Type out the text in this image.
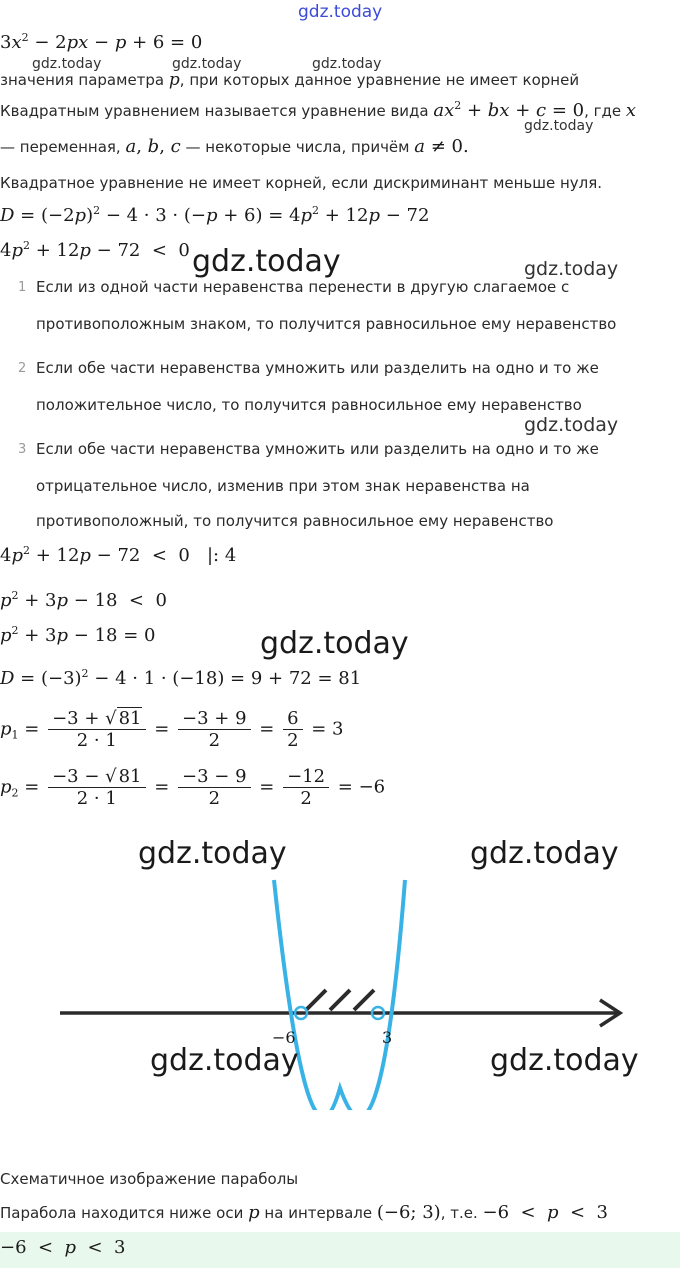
gdz.today
$3x^2 - 2px - p + 6 = 0$
gdz.today	gdz.today	gdz.today
значения параметра p, при которых данное уравнение не имеет корней
Квадратным уравнением называется уравнение вида $ax^2$ + bx + c = 0, где x
gdz.today
— переменная, a, b, c — некоторые числа, причём a ≠ 0.
Квадратное уравнение не имеет корней, если дискриминант меньше нуля.
$D = (-2p)^2 - 4 \cdot 3 \cdot (-p + 6) = 4p^2 + 12p - 72$
$4p^2 + 12p - 72 < 0$ gdz.today	gdz.today
1 Если из одной части неравенства перенести в другую слагаемое с
противоположным знаком, то получится равносильное ему неравенство
2 Если обе части неравенства умножить или разделить на одно и то же
положительное число, то получится равносильное ему неравенство
gdz.today
3 Если обе части неравенства умножить или разделить на одно и то же
отрицательное число, изменив при этом знак неравенства на
противоположный, то получится равносильное ему неравенство
$4p^2 + 12p - 72 < 0$   |: 4
$p^2 + 3p - 18 < 0$
$p^2 + 3p - 18 = 0$	gdz.today
$D = (-3)^2 - 4 \cdot 1 \cdot (-18) = 9 + 72 = 81$
$p_1 = \frac{-3 + √ 81}{2 \cdot 1} = \frac{-3 + 9}{2} = \frac{6}{2} = 3$
$p_2 = \frac{-3 - √ 81}{2 \cdot 1} = \frac{-3 - 9}{2} = \frac{-12}{2} = -6$
−6	3
gdz.today	gdz.today
gdz.today	gdz.today
Схематичное изображение параболы
Парабола находится ниже оси p на интервале (−6; 3), т.е. −6  <  p  <  3
−6  <  p  <  3
